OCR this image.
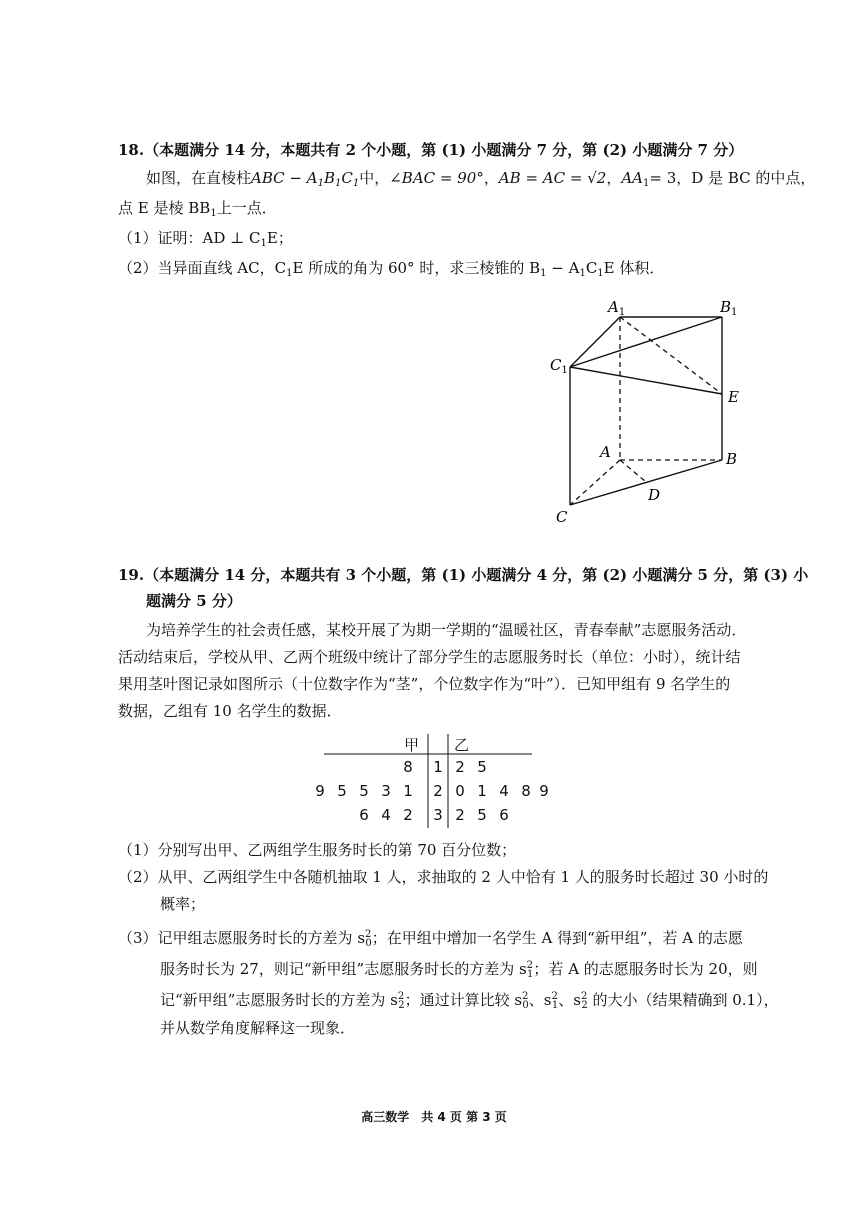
18.（本题满分 14 分，本题共有 2 个小题，第 (1) 小题满分 7 分，第 (2) 小题满分 7 分）
如图，在直棱柱ABC − $A_1B_1C_1$中，∠BAC = 90°，AB = AC = √2，$AA_1= 3$，D 是 BC 的中点，
点 E 是棱 $BB_1$上一点．
（1）证明：AD ⊥ $C_1E$；
（2）当异面直线 AC，$C_1E$ 所成的角为 60° 时，求三棱锥的 $B_1 - A_1C_1E$ 体积．
$A_1$	$B_1$
$C_1$
E
A	B
D
C
19.（本题满分 14 分，本题共有 3 个小题，第 (1) 小题满分 4 分，第 (2) 小题满分 5 分，第 (3) 小
题满分 5 分）
为培养学生的社会责任感，某校开展了为期一学期的“温暖社区，青春奉献”志愿服务活动．
活动结束后，学校从甲、乙两个班级中统计了部分学生的志愿服务时长（单位：小时），统计结
果用茎叶图记录如图所示（十位数字作为“茎”，个位数字作为“叶”）．已知甲组有 9 名学生的
数据，乙组有 10 名学生的数据．
甲 乙
8 1 2 5
9 5 5 3 1 2 0 1 4 8 9
6 4 2 3 2 5 6
（1）分别写出甲、乙两组学生服务时长的第 70 百分位数；
（2）从甲、乙两组学生中各随机抽取 1 人，求抽取的 2 人中恰有 1 人的服务时长超过 30 小时的
概率；
（3）记甲组志愿服务时长的方差为 $s^2_0$；在甲组中增加一名学生 A 得到“新甲组”，若 A 的志愿
服务时长为 27，则记“新甲组”志愿服务时长的方差为 $s^2_1$；若 A 的志愿服务时长为 20，则
记“新甲组”志愿服务时长的方差为 $s^2_2$；通过计算比较 $s^2_0$、$s^2_1$、$s^2_2$ 的大小（结果精确到 0.1），
并从数学角度解释这一现象．
高三数学　共 4 页 第 3 页
